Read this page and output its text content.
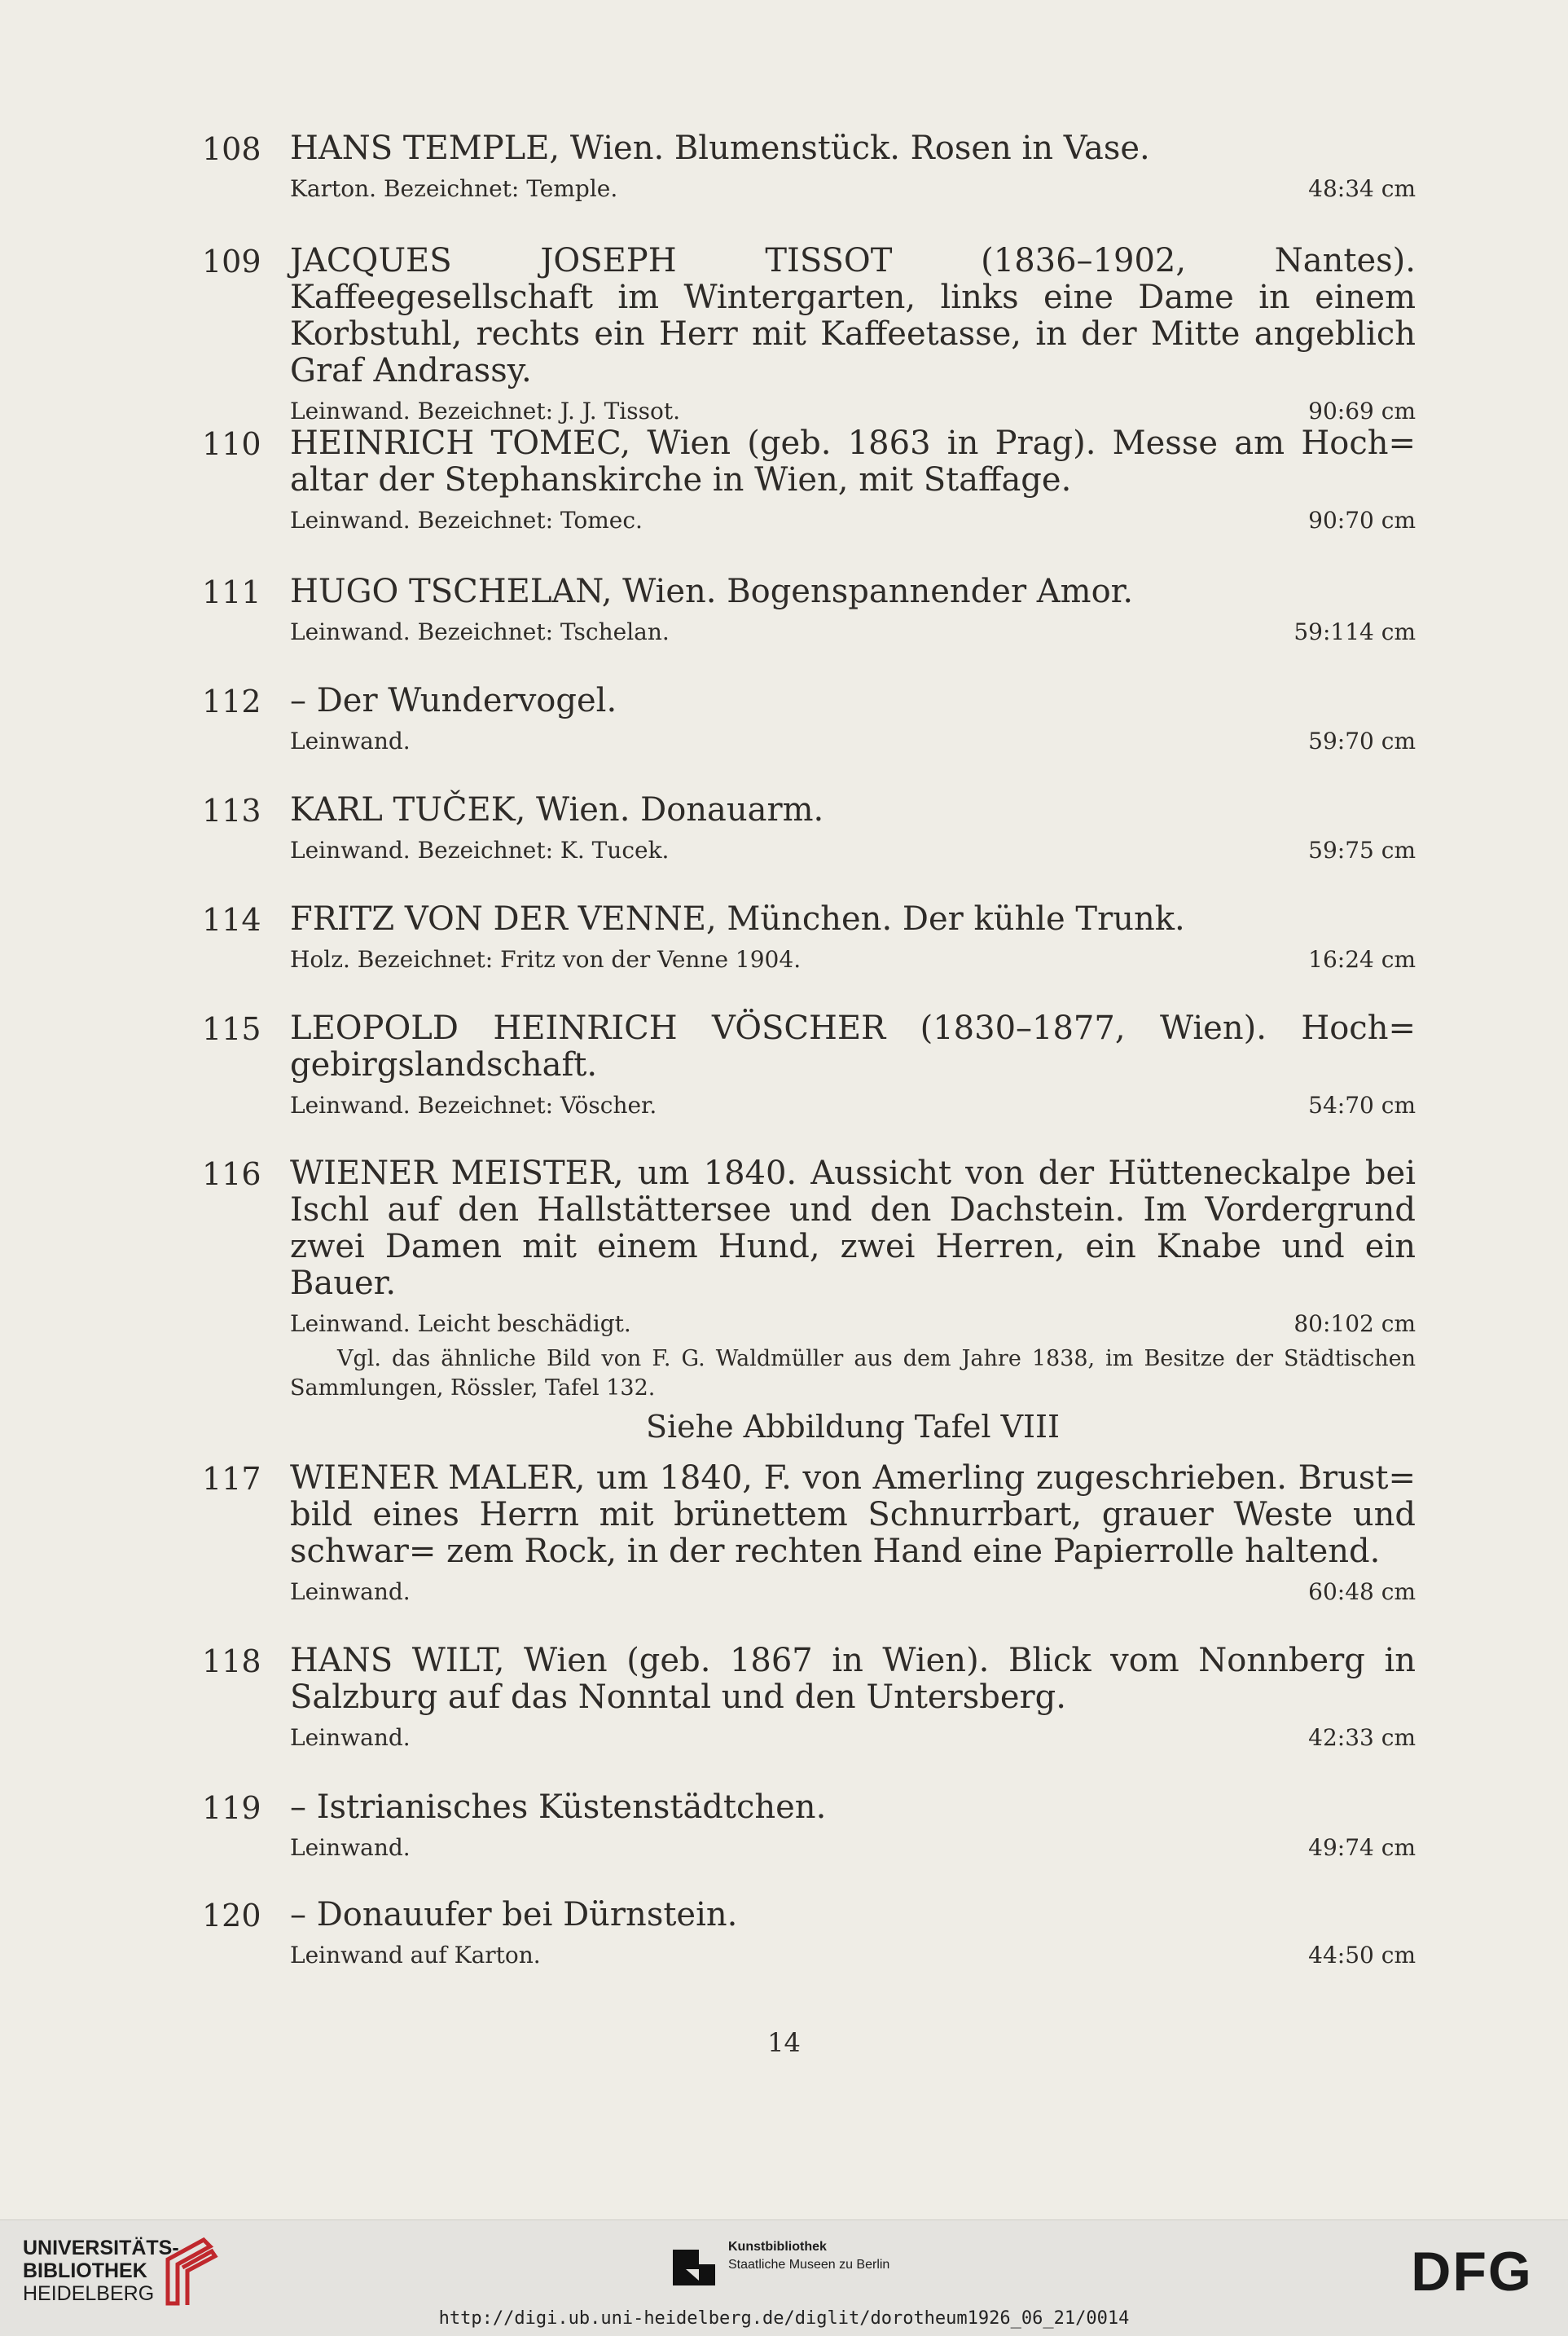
108 HANS TEMPLE, Wien. Blumenstück. Rosen in Vase.
Karton. Bezeichnet: Temple.	48:34 cm
109 JACQUES JOSEPH TISSOT (1836–1902, Nantes). Kaffeegesellschaft im Wintergarten, links eine Dame in einem Korbstuhl, rechts ein Herr mit Kaffeetasse, in der Mitte angeblich Graf Andrassy.
Leinwand. Bezeichnet: J. J. Tissot.	90:69 cm
110 HEINRICH TOMEC, Wien (geb. 1863 in Prag). Messe am Hoch= altar der Stephanskirche in Wien, mit Staffage.
Leinwand. Bezeichnet: Tomec.	90:70 cm
111 HUGO TSCHELAN, Wien. Bogenspannender Amor.
Leinwand. Bezeichnet: Tschelan.	59:114 cm
112 – Der Wundervogel.
Leinwand.	59:70 cm
113 KARL TUČEK, Wien. Donauarm.
Leinwand. Bezeichnet: K. Tucek.	59:75 cm
114 FRITZ VON DER VENNE, München. Der kühle Trunk.
Holz. Bezeichnet: Fritz von der Venne 1904.	16:24 cm
115 LEOPOLD HEINRICH VÖSCHER (1830–1877, Wien). Hoch= gebirgslandschaft.
Leinwand. Bezeichnet: Vöscher.	54:70 cm
116 WIENER MEISTER, um 1840. Aussicht von der Hütteneckalpe bei Ischl auf den Hallstättersee und den Dachstein. Im Vordergrund zwei Damen mit einem Hund, zwei Herren, ein Knabe und ein Bauer.
Leinwand. Leicht beschädigt.	80:102 cm
Vgl. das ähnliche Bild von F. G. Waldmüller aus dem Jahre 1838, im Besitze der Städtischen Sammlungen, Rössler, Tafel 132.
Siehe Abbildung Tafel VIII
117 WIENER MALER, um 1840, F. von Amerling zugeschrieben. Brust= bild eines Herrn mit brünettem Schnurrbart, grauer Weste und schwar= zem Rock, in der rechten Hand eine Papierrolle haltend.
Leinwand.	60:48 cm
118 HANS WILT, Wien (geb. 1867 in Wien). Blick vom Nonnberg in Salzburg auf das Nonntal und den Untersberg.
Leinwand.	42:33 cm
119 – Istrianisches Küstenstädtchen.
Leinwand.	49:74 cm
120 – Donauufer bei Dürnstein.
Leinwand auf Karton.	44:50 cm
14
UNIVERSITÄTS-
BIBLIOTHEK
HEIDELBERG
Kunstbibliothek
Staatliche Museen zu Berlin	DFG
http://digi.ub.uni-heidelberg.de/diglit/dorotheum1926_06_21/0014
